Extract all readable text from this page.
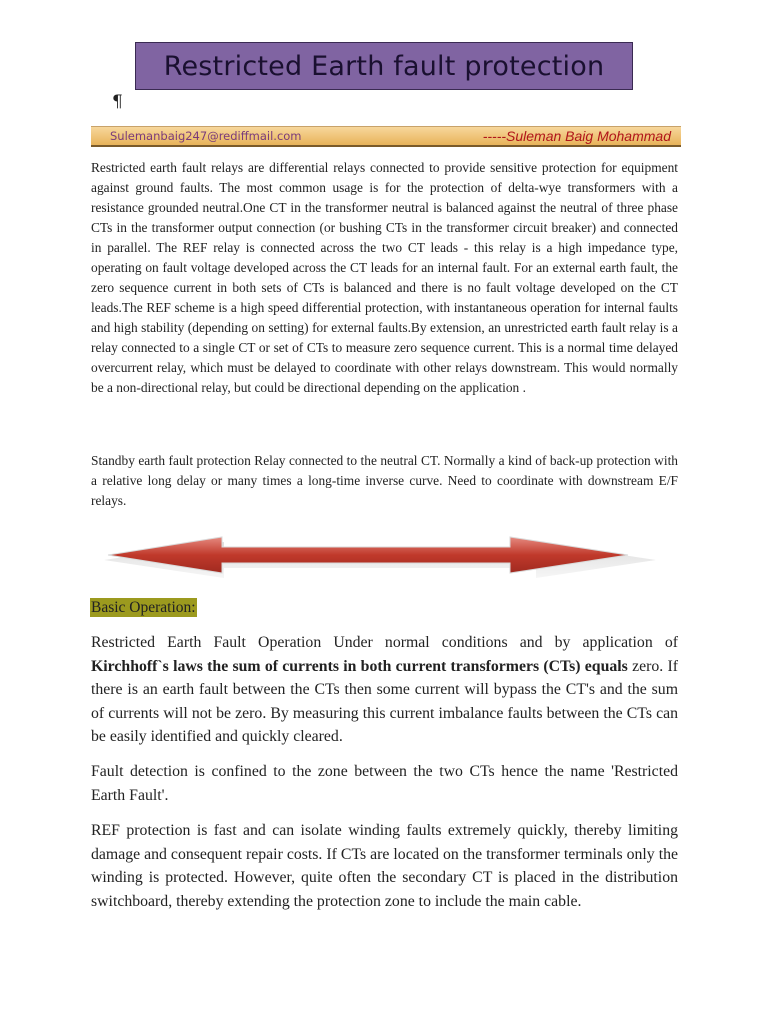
Restricted Earth fault protection
¶
Sulemanbaig247@rediffmail.com	-----Suleman Baig Mohammad

Restricted earth fault relays are differential relays connected to provide sensitive protection for equipment against ground faults. The most common usage is for the protection of delta-wye transformers with a resistance grounded neutral.One CT in the transformer neutral is balanced against the neutral of three phase CTs in the transformer output connection (or bushing CTs in the transformer circuit breaker) and connected in parallel. The REF relay is connected across the two CT leads - this relay is a high impedance type, operating on fault voltage developed across the CT leads for an internal fault. For an external earth fault, the zero sequence current in both sets of CTs is balanced and there is no fault voltage developed on the CT leads.The REF scheme is a high speed differential protection, with instantaneous operation for internal faults and high stability (depending on setting) for external faults.By extension, an unrestricted earth fault relay is a relay connected to a single CT or set of CTs to measure zero sequence current. This is a normal time delayed overcurrent relay, which must be delayed to coordinate with other relays downstream. This would normally be a non-directional relay, but could be directional depending on the application .

Standby earth fault protection Relay connected to the neutral CT. Normally a kind of back-up protection with a relative long delay or many times a long-time inverse curve. Need to coordinate with downstream E/F relays.

Basic Operation:

Restricted Earth Fault Operation Under normal conditions and by application of Kirchhoff`s laws the sum of currents in both current transformers (CTs) equals zero. If there is an earth fault between the CTs then some current will bypass the CT's and the sum of currents will not be zero. By measuring this current imbalance faults between the CTs can be easily identified and quickly cleared.

Fault detection is confined to the zone between the two CTs hence the name 'Restricted Earth Fault'.

REF protection is fast and can isolate winding faults extremely quickly, thereby limiting damage and consequent repair costs. If CTs are located on the transformer terminals only the winding is protected. However, quite often the secondary CT is placed in the distribution switchboard, thereby extending the protection zone to include the main cable.
